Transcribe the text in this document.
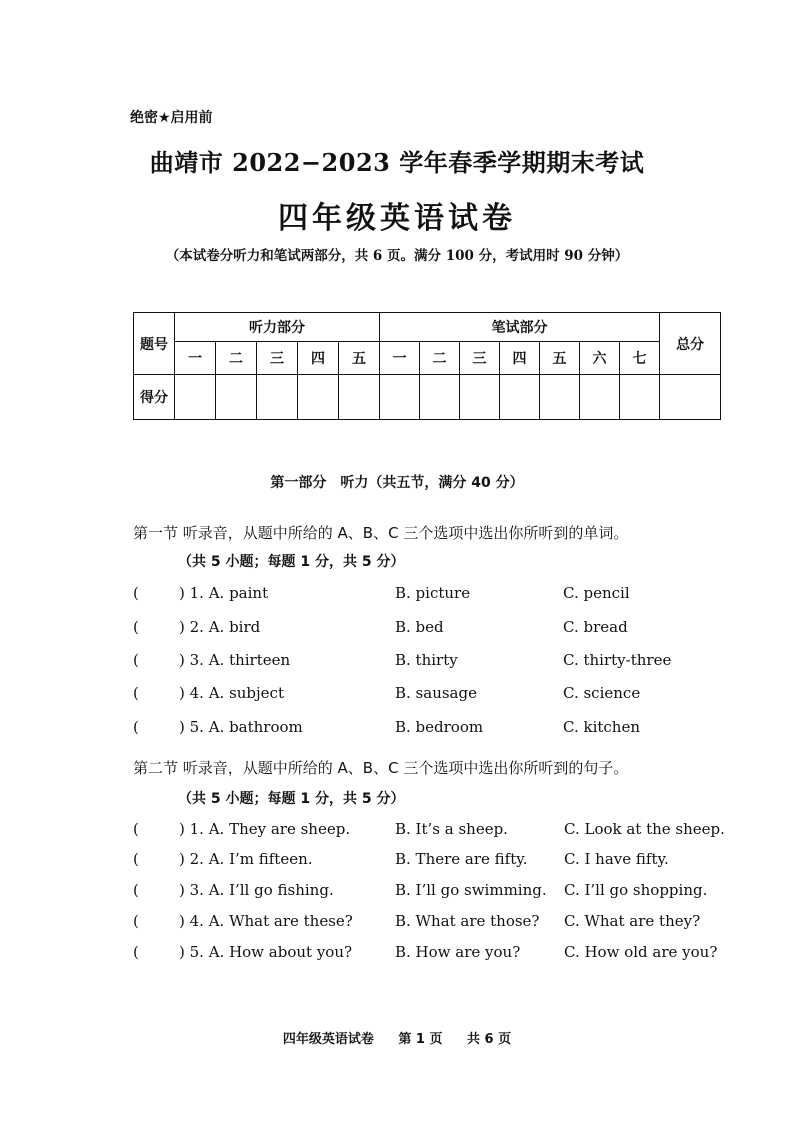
绝密★启用前
曲靖市 2022−2023 学年春季学期期末考试
四年级英语试卷
（本试卷分听力和笔试两部分，共 6 页。满分 100 分，考试用时 90 分钟）
题号	听力部分					笔试部分							总分
	一	二	三	四	五	一	二	三	四	五	六	七	
得分													
第一部分　听力（共五节，满分 40 分）
第一节 听录音，从题中所给的 A、B、C 三个选项中选出你所听到的单词。
（共 5 小题；每题 1 分，共 5 分）
(	) 1. A. paint	B. picture	C. pencil
(	) 2. A. bird	B. bed	C. bread
(	) 3. A. thirteen	B. thirty	C. thirty-three
(	) 4. A. subject	B. sausage	C. science
(	) 5. A. bathroom	B. bedroom	C. kitchen
第二节 听录音，从题中所给的 A、B、C 三个选项中选出你所听到的句子。
（共 5 小题；每题 1 分，共 5 分）
(	) 1. A. They are sheep.	B. It’s a sheep.	C. Look at the sheep.
(	) 2. A. I’m fifteen.	B. There are fifty. C. I have fifty.
(	) 3. A. I’ll go fishing.	B. I’ll go swimming. C. I’ll go shopping.
(	) 4. A. What are these?	B. What are those? C. What are they?
(	) 5. A. How about you?	B. How are you?	C. How old are you?
四年级英语试卷 第 1 页 共 6 页
